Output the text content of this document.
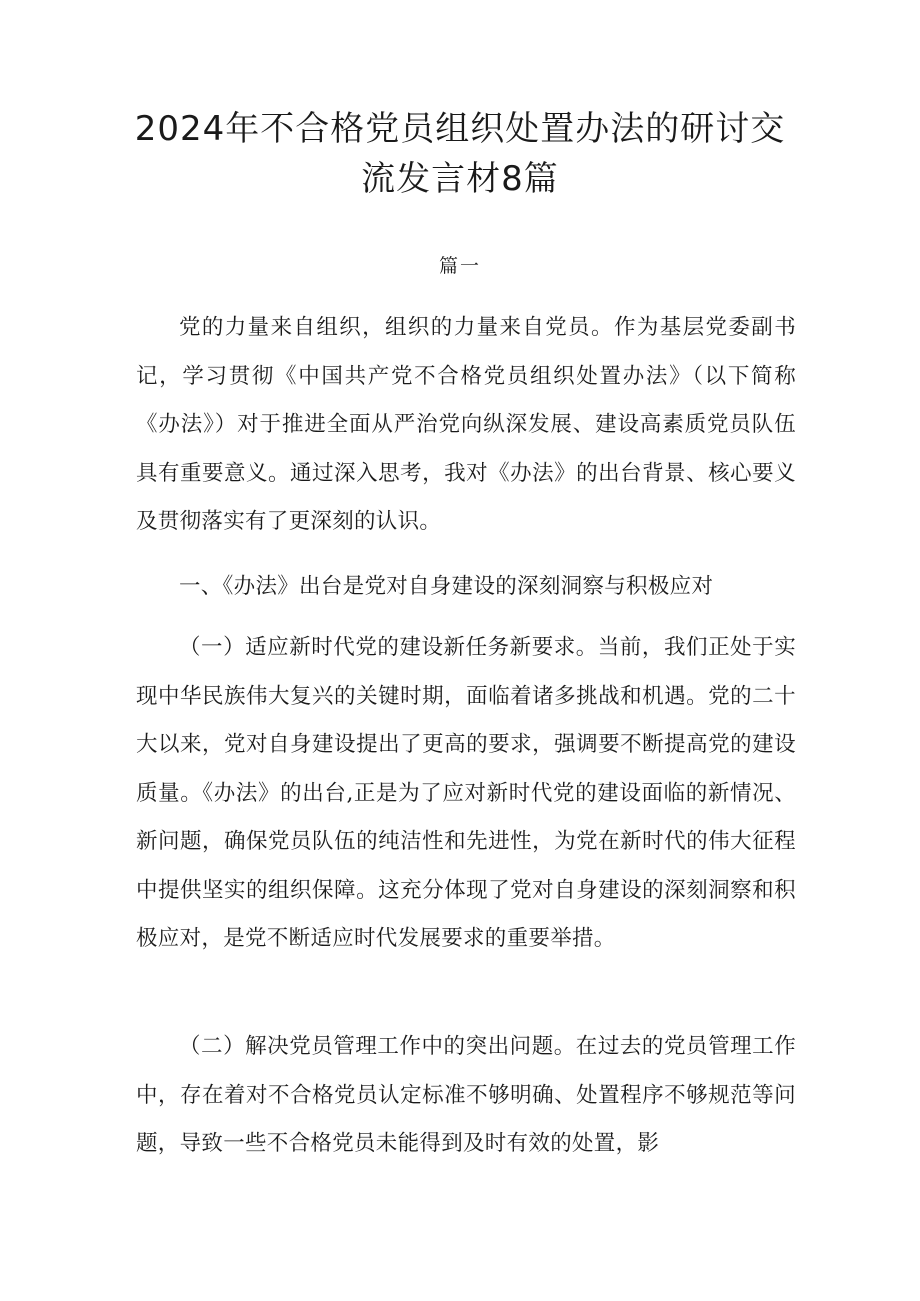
2024年不合格党员组织处置办法的研讨交
流发言材8篇
篇一

党的力量来自组织，组织的力量来自党员。作为基层党委副书记，学习贯彻《中国共产党不合格党员组织处置办法》（以下简称《办法》）对于推进全面从严治党向纵深发展、建设高素质党员队伍具有重要意义。通过深入思考，我对《办法》的出台背景、核心要义及贯彻落实有了更深刻的认识。

一、《办法》出台是党对自身建设的深刻洞察与积极应对

（一）适应新时代党的建设新任务新要求。当前，我们正处于实现中华民族伟大复兴的关键时期，面临着诸多挑战和机遇。党的二十大以来，党对自身建设提出了更高的要求，强调要不断提高党的建设质量。《办法》的出台,正是为了应对新时代党的建设面临的新情况、新问题，确保党员队伍的纯洁性和先进性，为党在新时代的伟大征程中提供坚实的组织保障。这充分体现了党对自身建设的深刻洞察和积极应对，是党不断适应时代发展要求的重要举措。

（二）解决党员管理工作中的突出问题。在过去的党员管理工作中，存在着对不合格党员认定标准不够明确、处置程序不够规范等问题，导致一些不合格党员未能得到及时有效的处置，影
